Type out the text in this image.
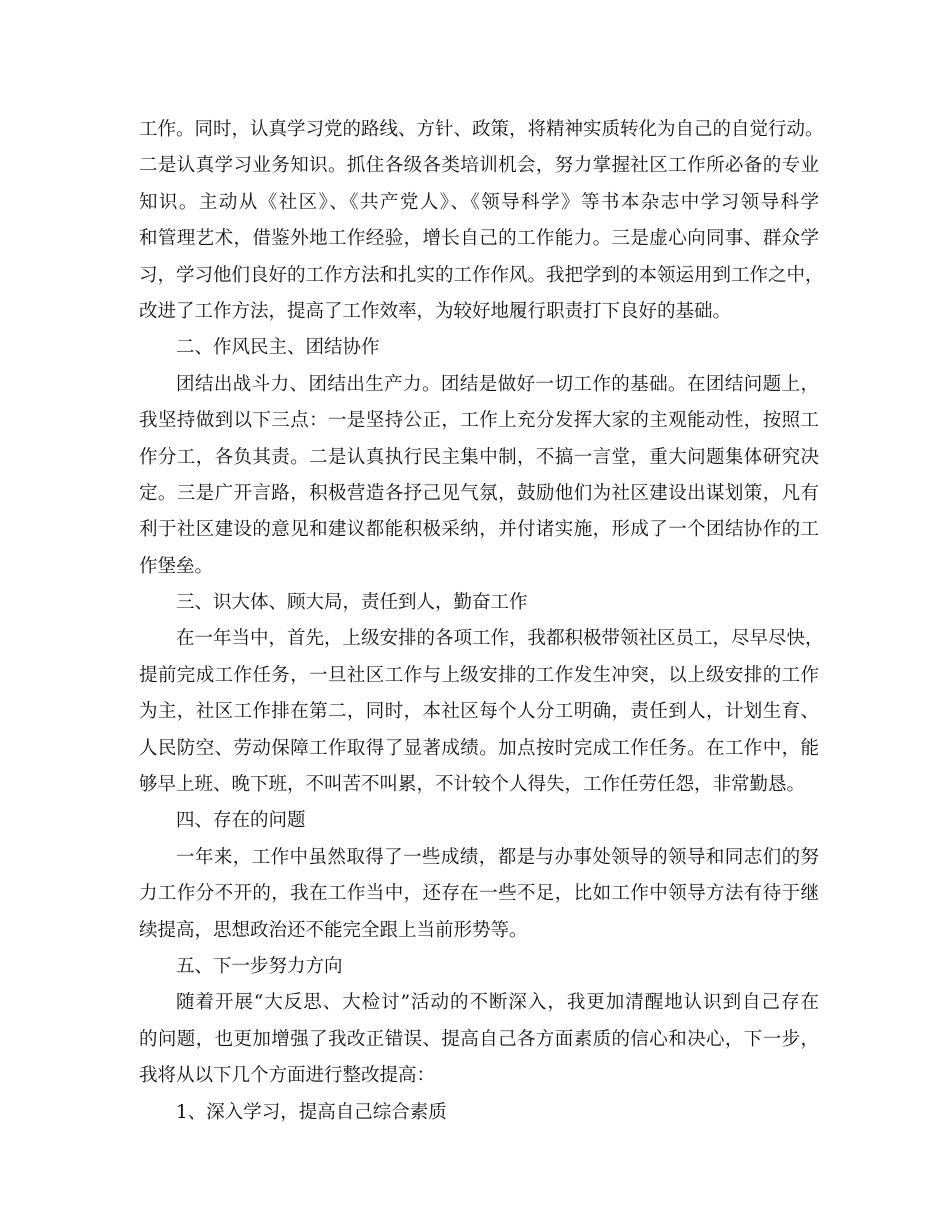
工作。同时，认真学习党的路线、方针、政策，将精神实质转化为自己的自觉行动。
二是认真学习业务知识。抓住各级各类培训机会，努力掌握社区工作所必备的专业
知识。主动从《社区》、《共产党人》、《领导科学》等书本杂志中学习领导科学
和管理艺术，借鉴外地工作经验，增长自己的工作能力。三是虚心向同事、群众学
习，学习他们良好的工作方法和扎实的工作作风。我把学到的本领运用到工作之中，
改进了工作方法，提高了工作效率，为较好地履行职责打下良好的基础。
二、作风民主、团结协作
团结出战斗力、团结出生产力。团结是做好一切工作的基础。在团结问题上，
我坚持做到以下三点：一是坚持公正，工作上充分发挥大家的主观能动性，按照工
作分工，各负其责。二是认真执行民主集中制，不搞一言堂，重大问题集体研究决
定。三是广开言路，积极营造各抒己见气氛，鼓励他们为社区建设出谋划策，凡有
利于社区建设的意见和建议都能积极采纳，并付诸实施，形成了一个团结协作的工
作堡垒。
三、识大体、顾大局，责任到人，勤奋工作
在一年当中，首先，上级安排的各项工作，我都积极带领社区员工，尽早尽快，
提前完成工作任务，一旦社区工作与上级安排的工作发生冲突，以上级安排的工作
为主，社区工作排在第二，同时，本社区每个人分工明确，责任到人，计划生育、
人民防空、劳动保障工作取得了显著成绩。加点按时完成工作任务。在工作中，能
够早上班、晚下班，不叫苦不叫累，不计较个人得失，工作任劳任怨，非常勤恳。
四、存在的问题
一年来，工作中虽然取得了一些成绩，都是与办事处领导的领导和同志们的努
力工作分不开的，我在工作当中，还存在一些不足，比如工作中领导方法有待于继
续提高，思想政治还不能完全跟上当前形势等。
五、下一步努力方向
随着开展“大反思、大检讨”活动的不断深入，我更加清醒地认识到自己存在
的问题，也更加增强了我改正错误、提高自己各方面素质的信心和决心，下一步，
我将从以下几个方面进行整改提高：
1、深入学习，提高自己综合素质
